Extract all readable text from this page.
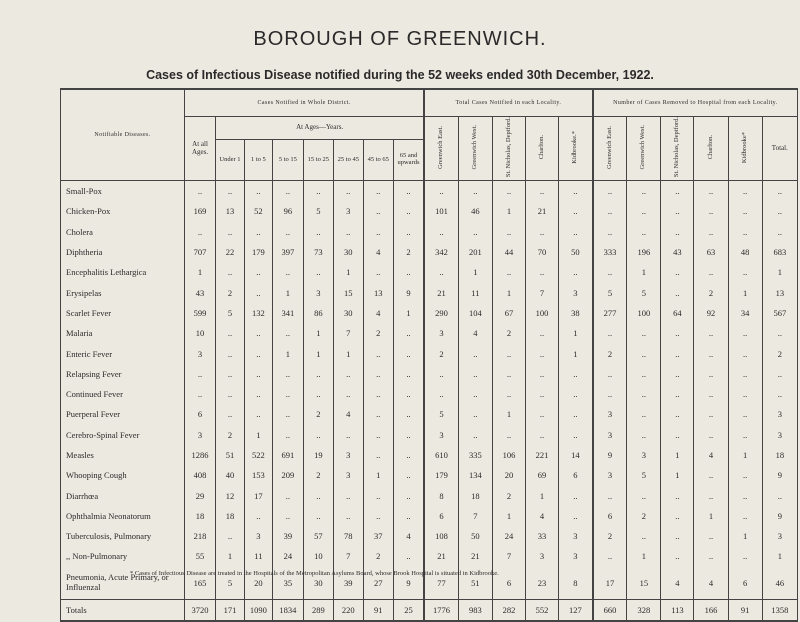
BOROUGH OF GREENWICH.
Cases of Infectious Disease notified during the 52 weeks ended 30th December, 1922.
Notifiable Diseases.	Cases Notified in Whole District.								Total Cases Notified in each Locality.					Number of Cases Removed to Hospital from each Locality.					
	At all Ages.	At Ages—Years.							Greenwich East.	Greenwich West.	St. Nicholas, Deptford.	Charlton.	Kidbrooke.*	Greenwich East.	Greenwich West.	St. Nicholas, Deptford.	Charlton.	Kidbrooke*	Total.
		Under 1	1 to 5	5 to 15	15 to 25	25 to 45	45 to 65	65 and upwards											
Small-Pox	..	..	..	..	..	..	..	..	..	..	..	..	..	..	..	..	..	..	..
Chicken-Pox	169	13	52	96	5	3	..	..	101	46	1	21	..	..	..	..	..	..	..
Cholera	..	..	..	..	..	..	..	..	..	..	..	..	..	..	..	..	..	..	..
Diphtheria	707	22	179	397	73	30	4	2	342	201	44	70	50	333	196	43	63	48	683
Encephalitis Lethargica	1	..	..	..	..	1	..	..	..	1	..	..	..	..	1	..	..	..	1
Erysipelas	43	2	..	1	3	15	13	9	21	11	1	7	3	5	5	..	2	1	13
Scarlet Fever	599	5	132	341	86	30	4	1	290	104	67	100	38	277	100	64	92	34	567
Malaria	10	..	..	..	1	7	2	..	3	4	2	..	1	..	..	..	..	..	..
Enteric Fever	3	..	..	1	1	1	..	..	2	..	..	..	1	2	..	..	..	..	2
Relapsing Fever	..	..	..	..	..	..	..	..	..	..	..	..	..	..	..	..	..	..	..
Continued Fever	..	..	..	..	..	..	..	..	..	..	..	..	..	..	..	..	..	..	..
Puerperal Fever	6	..	..	..	2	4	..	..	5	..	1	..	..	3	..	..	..	..	3
Cerebro-Spinal Fever	3	2	1	..	..	..	..	..	3	..	..	..	..	3	..	..	..	..	3
Measles	1286	51	522	691	19	3	..	..	610	335	106	221	14	9	3	1	4	1	18
Whooping Cough	408	40	153	209	2	3	1	..	179	134	20	69	6	3	5	1	..	..	9
Diarrhœa	29	12	17	..	..	..	..	..	8	18	2	1	..	..	..	..	..	..	..
Ophthalmia Neonatorum	18	18	..	..	..	..	..	..	6	7	1	4	..	6	2	..	1	..	9
Tuberculosis, Pulmonary	218	..	3	39	57	78	37	4	108	50	24	33	3	2	..	..	..	1	3
,, Non-Pulmonary	55	1	11	24	10	7	2	..	21	21	7	3	3	..	1	..	..	..	1
Pneumonia, Acute Primary, or Influenzal	165	5	20	35	30	39	27	9	77	51	6	23	8	17	15	4	4	6	46
Totals	3720	171	1090	1834	289	220	91	25	1776	983	282	552	127	660	328	113	166	91	1358
* Cases of Infectious Disease are treated in the Hospitals of the Metropolitan Asylums Board, whose Brook Hospital is situated in Kidbrooke.
